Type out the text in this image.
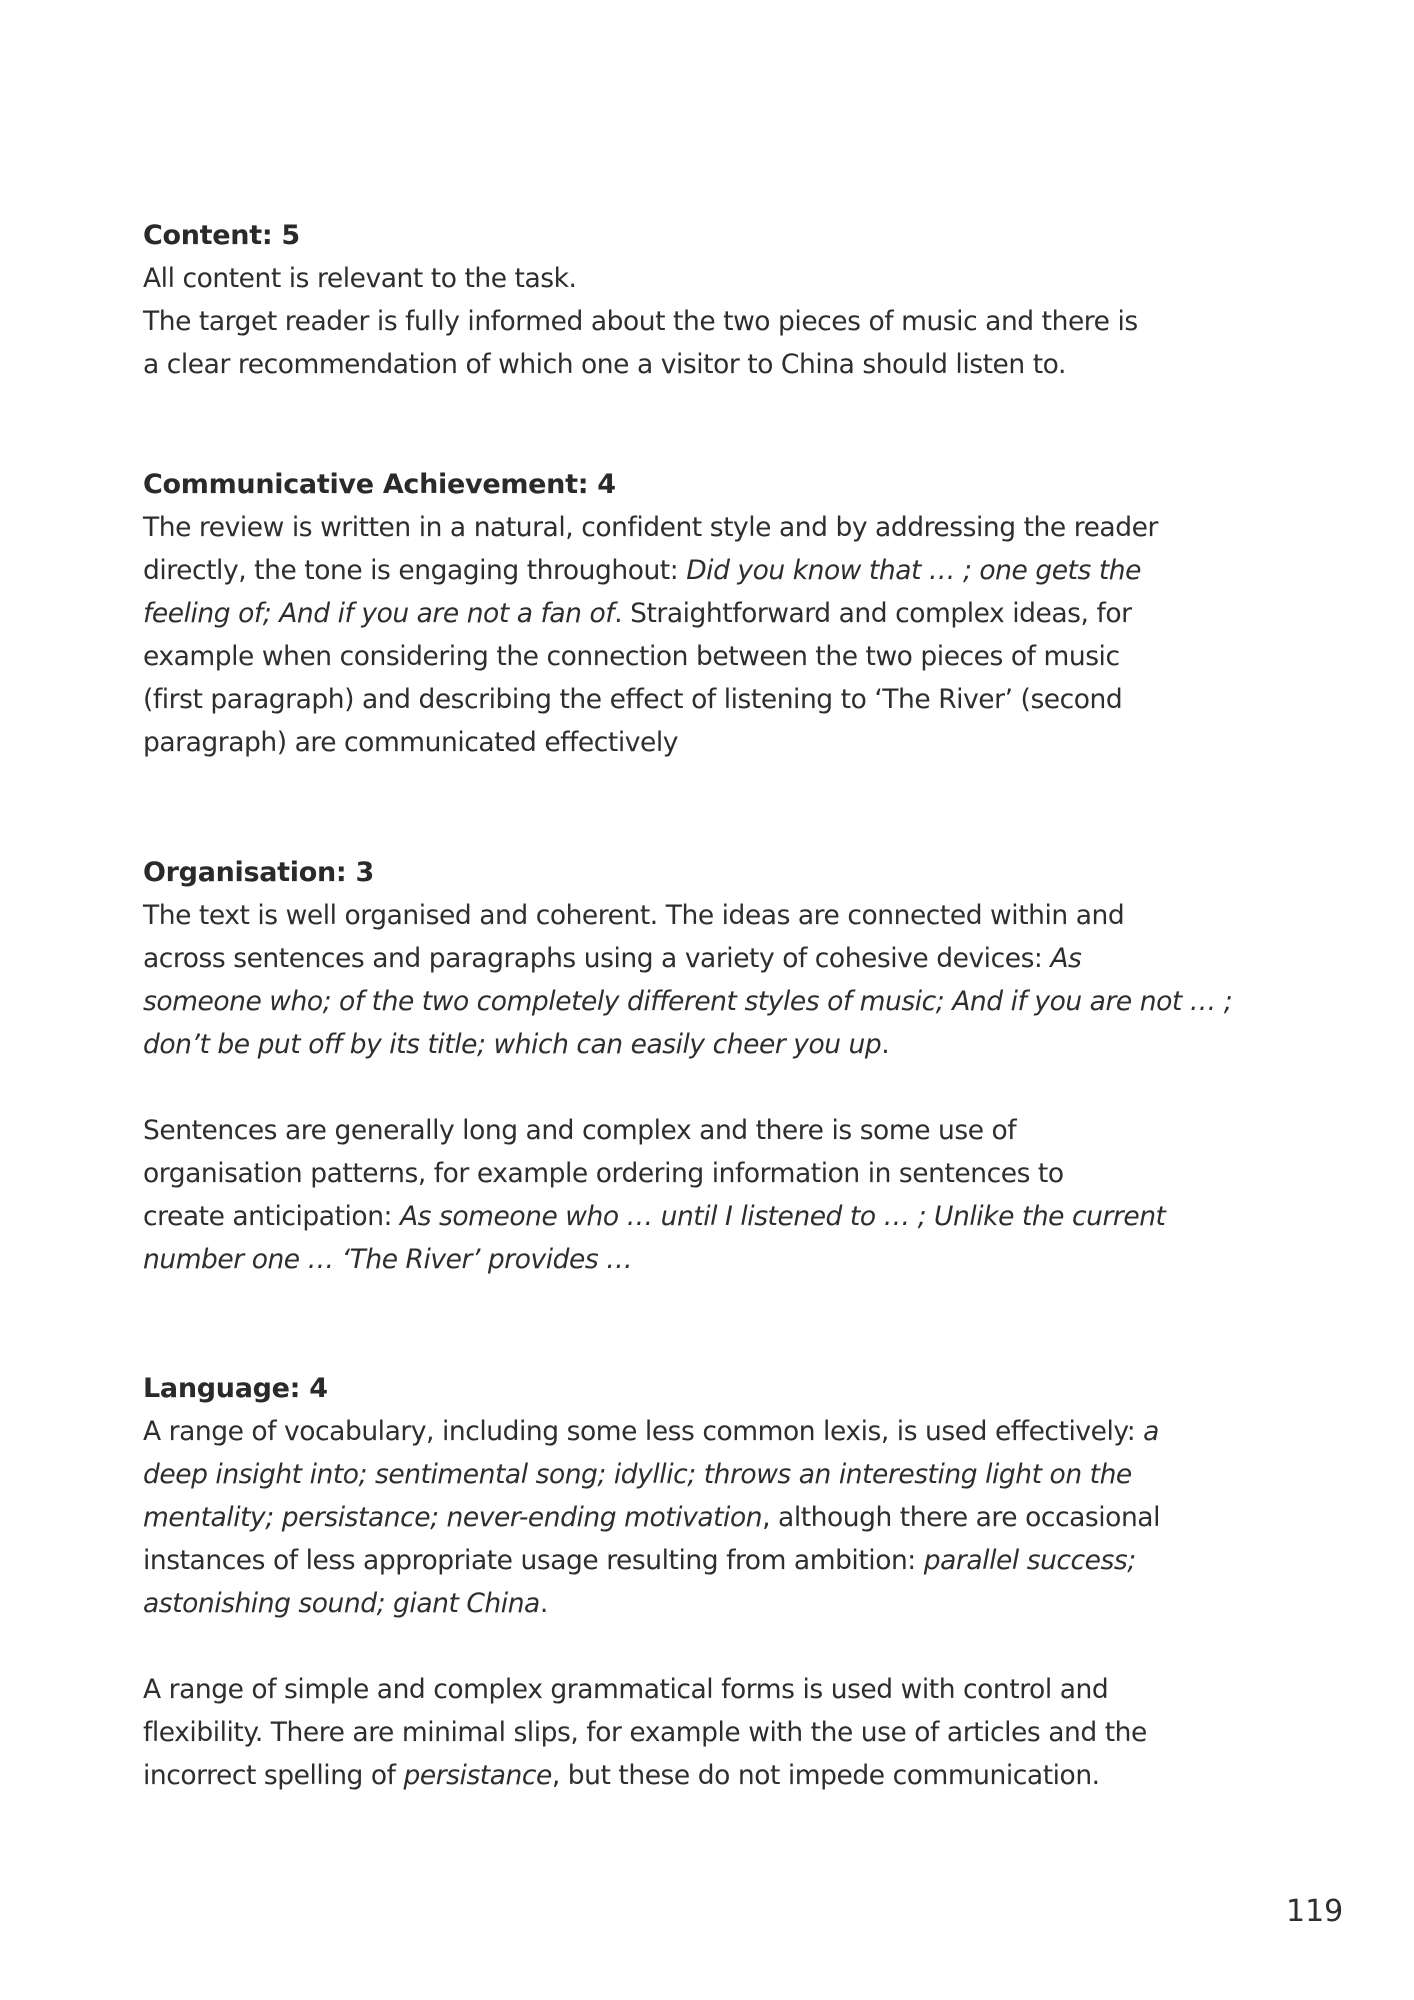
Content: 5
All content is relevant to the task.
The target reader is fully informed about the two pieces of music and there is
a clear recommendation of which one a visitor to China should listen to.
Communicative Achievement: 4
The review is written in a natural, confident style and by addressing the reader
directly, the tone is engaging throughout: Did you know that … ; one gets the
feeling of; And if you are not a fan of. Straightforward and complex ideas, for
example when considering the connection between the two pieces of music
(first paragraph) and describing the effect of listening to ‘The River’ (second
paragraph) are communicated effectively
Organisation: 3
The text is well organised and coherent. The ideas are connected within and
across sentences and paragraphs using a variety of cohesive devices: As
someone who; of the two completely different styles of music; And if you are not … ;
don’t be put off by its title; which can easily cheer you up.
Sentences are generally long and complex and there is some use of
organisation patterns, for example ordering information in sentences to
create anticipation: As someone who … until I listened to … ; Unlike the current
number one … ‘The River’ provides …
Language: 4
A range of vocabulary, including some less common lexis, is used effectively: a
deep insight into; sentimental song; idyllic; throws an interesting light on the
mentality; persistance; never-ending motivation, although there are occasional
instances of less appropriate usage resulting from ambition: parallel success;
astonishing sound; giant China.
A range of simple and complex grammatical forms is used with control and
flexibility. There are minimal slips, for example with the use of articles and the
incorrect spelling of persistance, but these do not impede communication.
119
